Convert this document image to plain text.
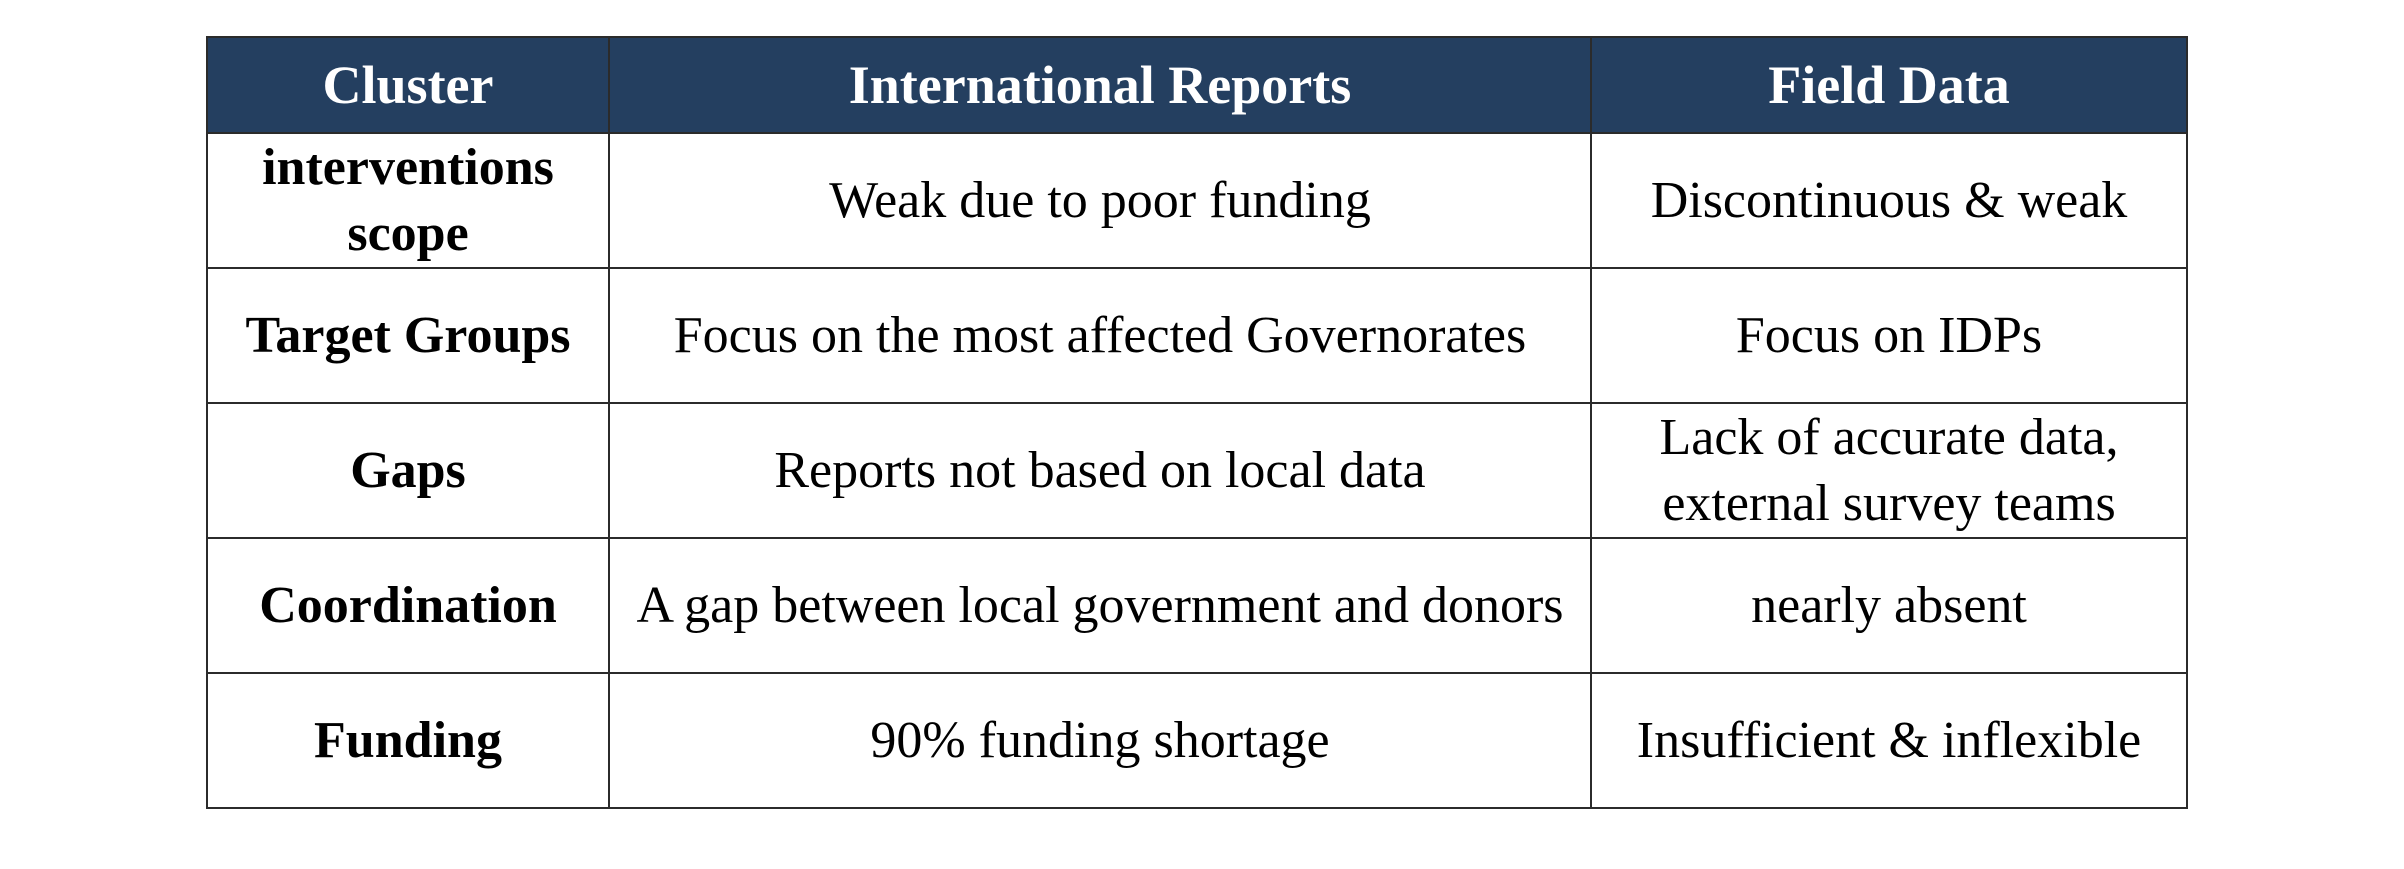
Cluster	International Reports	Field Data
interventions scope	Weak due to poor funding	Discontinuous & weak
Target Groups	Focus on the most affected Governorates	Focus on IDPs
Gaps	Reports not based on local data	Lack of accurate data, external survey teams
Coordination	A gap between local government and donors	nearly absent
Funding	90% funding shortage	Insufficient & inflexible
